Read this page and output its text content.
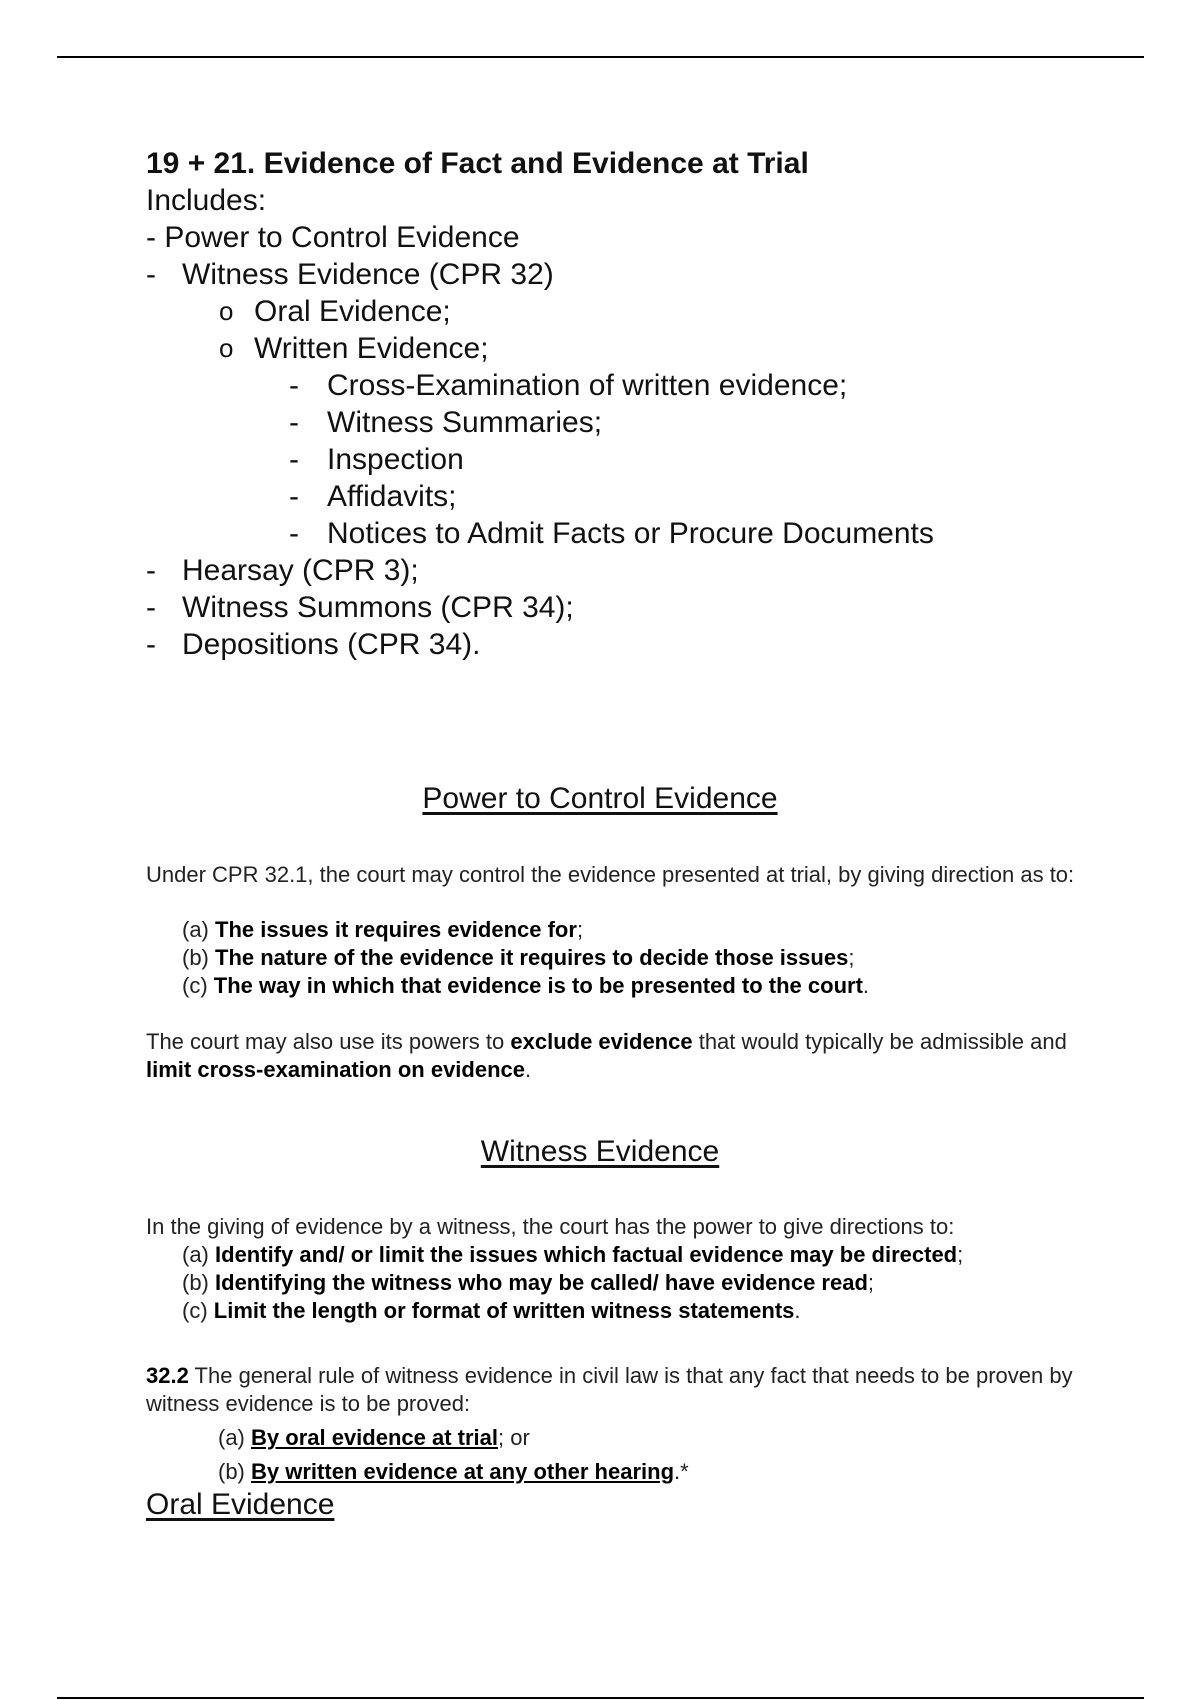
19 + 21. Evidence of Fact and Evidence at Trial
Includes:
- Power to Control Evidence
- Witness Evidence (CPR 32)
o Oral Evidence;
o Written Evidence;
- Cross-Examination of written evidence;
- Witness Summaries;
- Inspection
- Affidavits;
- Notices to Admit Facts or Procure Documents
- Hearsay (CPR 3);
- Witness Summons (CPR 34);
- Depositions (CPR 34).
Power to Control Evidence
Under CPR 32.1, the court may control the evidence presented at trial, by giving direction as to:
(a) The issues it requires evidence for;
(b) The nature of the evidence it requires to decide those issues;
(c) The way in which that evidence is to be presented to the court.
The court may also use its powers to exclude evidence that would typically be admissible and limit cross-examination on evidence.
Witness Evidence
In the giving of evidence by a witness, the court has the power to give directions to:
(a) Identify and/ or limit the issues which factual evidence may be directed;
(b) Identifying the witness who may be called/ have evidence read;
(c) Limit the length or format of written witness statements.
32.2 The general rule of witness evidence in civil law is that any fact that needs to be proven by witness evidence is to be proved:
(a) By oral evidence at trial; or
(b) By written evidence at any other hearing.*
Oral Evidence
